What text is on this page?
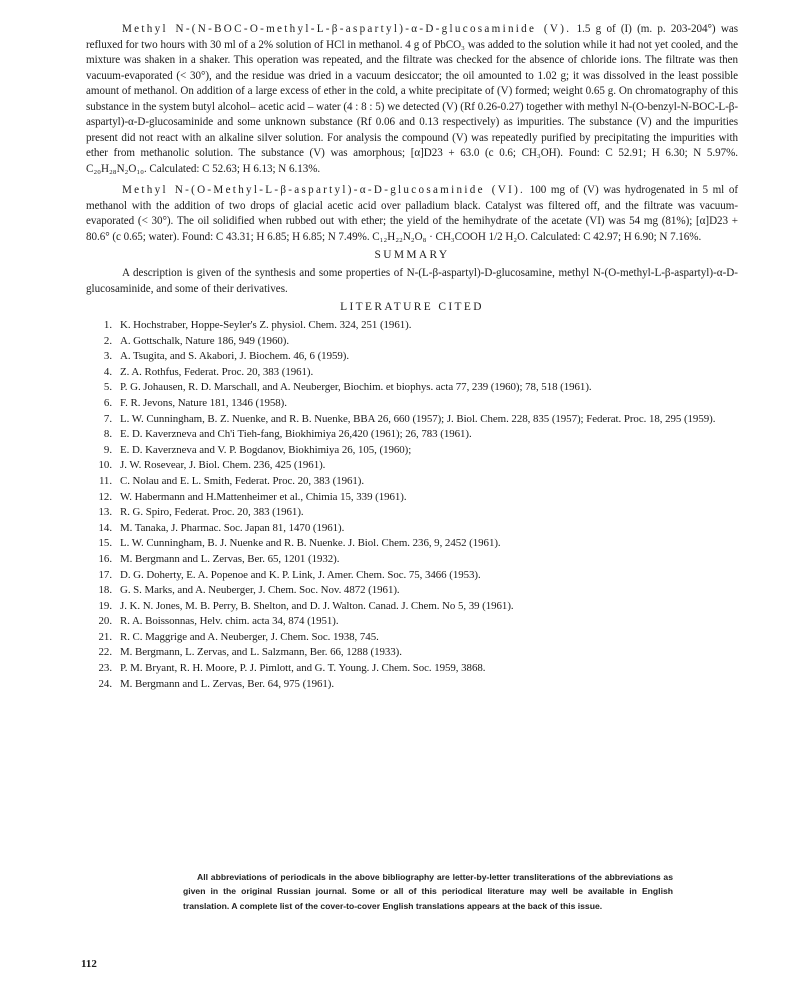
Methyl N-(N-BOC-O-methyl-L-β-aspartyl)-α-D-glucosaminide (V). 1.5 g of (I) (m. p. 203-204°) was refluxed for two hours with 30 ml of a 2% solution of HCl in methanol. 4 g of PbCO₃ was added to the solution while it had not yet cooled, and the mixture was shaken in a shaker. This operation was repeated, and the filtrate was checked for the absence of chloride ions. The filtrate was then vacuum-evaporated (< 30°), and the residue was dried in a vacuum desiccator; the oil amounted to 1.02 g; it was dissolved in the least possible amount of methanol. On addition of a large excess of ether in the cold, a white precipitate of (V) formed; weight 0.65 g. On chromatography of this substance in the system butyl alcohol– acetic acid – water (4 : 8 : 5) we detected (V) (Rf 0.26-0.27) together with methyl N-(O-benzyl-N-BOC-L-β-aspartyl)-α-D-glucosaminide and some unknown substance (Rf 0.06 and 0.13 respectively) as impurities. The substance (V) and the impurities present did not react with an alkaline silver solution. For analysis the compound (V) was repeatedly purified by precipitating the impurities with ether from methanolic solution. The substance (V) was amorphous; [α]D23 + 63.0 (c 0.6; CH₃OH). Found: C 52.91; H 6.30; N 5.97%. C₂₀H₂₈N₂O₁₀. Calculated: C 52.63; H 6.13; N 6.13%.

Methyl N-(O-Methyl-L-β-aspartyl)-α-D-glucosaminide (VI). 100 mg of (V) was hydrogenated in 5 ml of methanol with the addition of two drops of glacial acetic acid over palladium black. Catalyst was filtered off, and the filtrate was vacuum-evaporated (< 30°). The oil solidified when rubbed out with ether; the yield of the hemihydrate of the acetate (VI) was 54 mg (81%); [α]D23 + 80.6° (c 0.65; water). Found: C 43.31; H 6.85; H 6.85; N 7.49%. C₁₂H₂₂N₂O₈ · CH₃COOH 1/2 H₂O. Calculated: C 42.97; H 6.90; N 7.16%.

SUMMARY

A description is given of the synthesis and some properties of N-(L-β-aspartyl)-D-glucosamine, methyl N-(O-methyl-L-β-aspartyl)-α-D-glucosaminide, and some of their derivatives.

LITERATURE CITED
1. K. Hochstraber, Hoppe-Seyler's Z. physiol. Chem. 324, 251 (1961).
2. A. Gottschalk, Nature 186, 949 (1960).
3. A. Tsugita, and S. Akabori, J. Biochem. 46, 6 (1959).
4. Z. A. Rothfus, Federat. Proc. 20, 383 (1961).
5. P. G. Johausen, R. D. Marschall, and A. Neuberger, Biochim. et biophys. acta 77, 239 (1960); 78, 518 (1961).
6. F. R. Jevons, Nature 181, 1346 (1958).
7. L. W. Cunningham, B. Z. Nuenke, and R. B. Nuenke, BBA 26, 660 (1957); J. Biol. Chem. 228, 835 (1957); Federat. Proc. 18, 295 (1959).
8. E. D. Kaverzneva and Ch'i Tieh-fang, Biokhimiya 26,420 (1961); 26, 783 (1961).
9. E. D. Kaverzneva and V. P. Bogdanov, Biokhimiya 26, 105, (1960);
10. J. W. Rosevear, J. Biol. Chem. 236, 425 (1961).
11. C. Nolau and E. L. Smith, Federat. Proc. 20, 383 (1961).
12. W. Habermann and H.Mattenheimer et al., Chimia 15, 339 (1961).
13. R. G. Spiro, Federat. Proc. 20, 383 (1961).
14. M. Tanaka, J. Pharmac. Soc. Japan 81, 1470 (1961).
15. L. W. Cunningham, B. J. Nuenke and R. B. Nuenke. J. Biol. Chem. 236, 9, 2452 (1961).
16. M. Bergmann and L. Zervas, Ber. 65, 1201 (1932).
17. D. G. Doherty, E. A. Popenoe and K. P. Link, J. Amer. Chem. Soc. 75, 3466 (1953).
18. G. S. Marks, and A. Neuberger, J. Chem. Soc. Nov. 4872 (1961).
19. J. K. N. Jones, M. B. Perry, B. Shelton, and D. J. Walton. Canad. J. Chem. No 5, 39 (1961).
20. R. A. Boissonnas, Helv. chim. acta 34, 874 (1951).
21. R. C. Maggrige and A. Neuberger, J. Chem. Soc. 1938, 745.
22. M. Bergmann, L. Zervas, and L. Salzmann, Ber. 66, 1288 (1933).
23. P. M. Bryant, R. H. Moore, P. J. Pimlott, and G. T. Young. J. Chem. Soc. 1959, 3868.
24. M. Bergmann and L. Zervas, Ber. 64, 975 (1961).
All abbreviations of periodicals in the above bibliography are letter-by-letter transliterations of the abbreviations as given in the original Russian journal. Some or all of this periodical literature may well be available in English translation. A complete list of the cover-to-cover English translations appears at the back of this issue.
112
